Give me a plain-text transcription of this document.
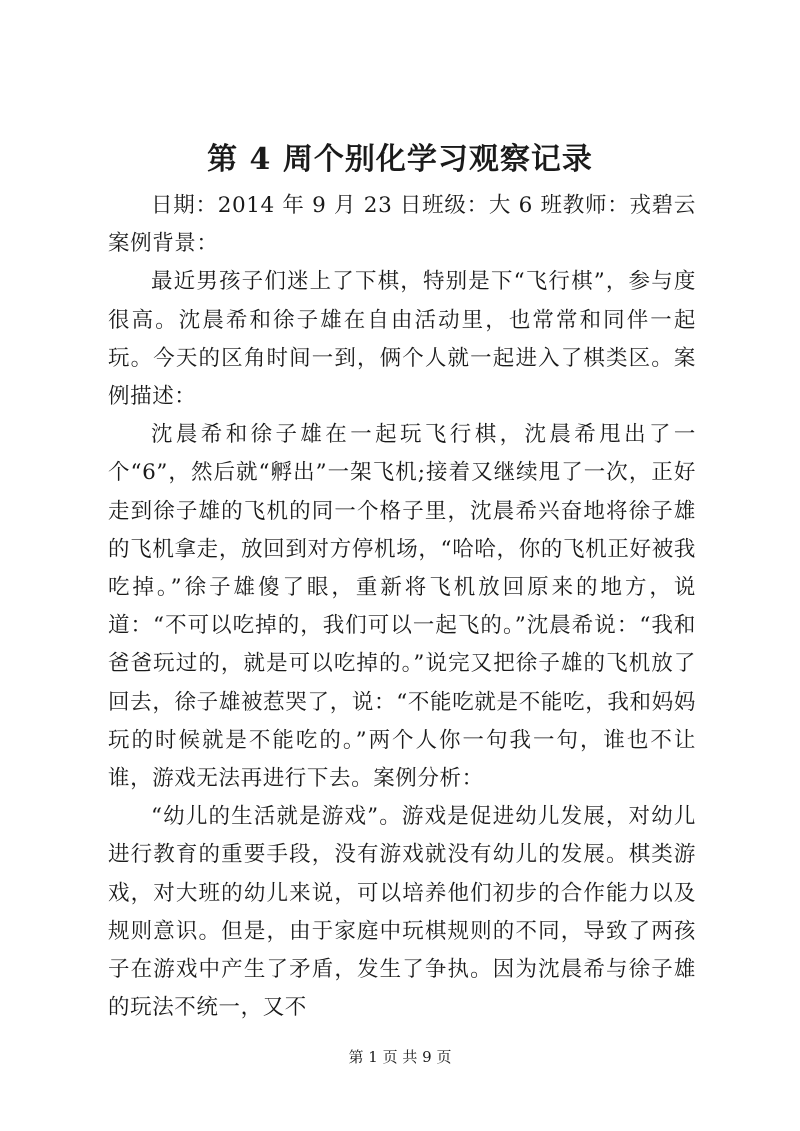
第 4 周个别化学习观察记录

日期：2014 年 9 月 23 日班级：大 6 班教师：戎碧云案例背景：

最近男孩子们迷上了下棋，特别是下“飞行棋”，参与度很高。沈晨希和徐子雄在自由活动里，也常常和同伴一起玩。今天的区角时间一到，俩个人就一起进入了棋类区。案例描述：

沈晨希和徐子雄在一起玩飞行棋，沈晨希甩出了一个“6”，然后就“孵出”一架飞机;接着又继续甩了一次，正好走到徐子雄的飞机的同一个格子里，沈晨希兴奋地将徐子雄的飞机拿走，放回到对方停机场，“哈哈，你的飞机正好被我吃掉。”徐子雄傻了眼，重新将飞机放回原来的地方，说道：“不可以吃掉的，我们可以一起飞的。”沈晨希说：“我和爸爸玩过的，就是可以吃掉的。”说完又把徐子雄的飞机放了回去，徐子雄被惹哭了，说：“不能吃就是不能吃，我和妈妈玩的时候就是不能吃的。”两个人你一句我一句，谁也不让谁，游戏无法再进行下去。案例分析：

“幼儿的生活就是游戏”。游戏是促进幼儿发展，对幼儿进行教育的重要手段，没有游戏就没有幼儿的发展。棋类游戏，对大班的幼儿来说，可以培养他们初步的合作能力以及规则意识。但是，由于家庭中玩棋规则的不同，导致了两孩子在游戏中产生了矛盾，发生了争执。因为沈晨希与徐子雄的玩法不统一，又不

第 1 页 共 9 页
